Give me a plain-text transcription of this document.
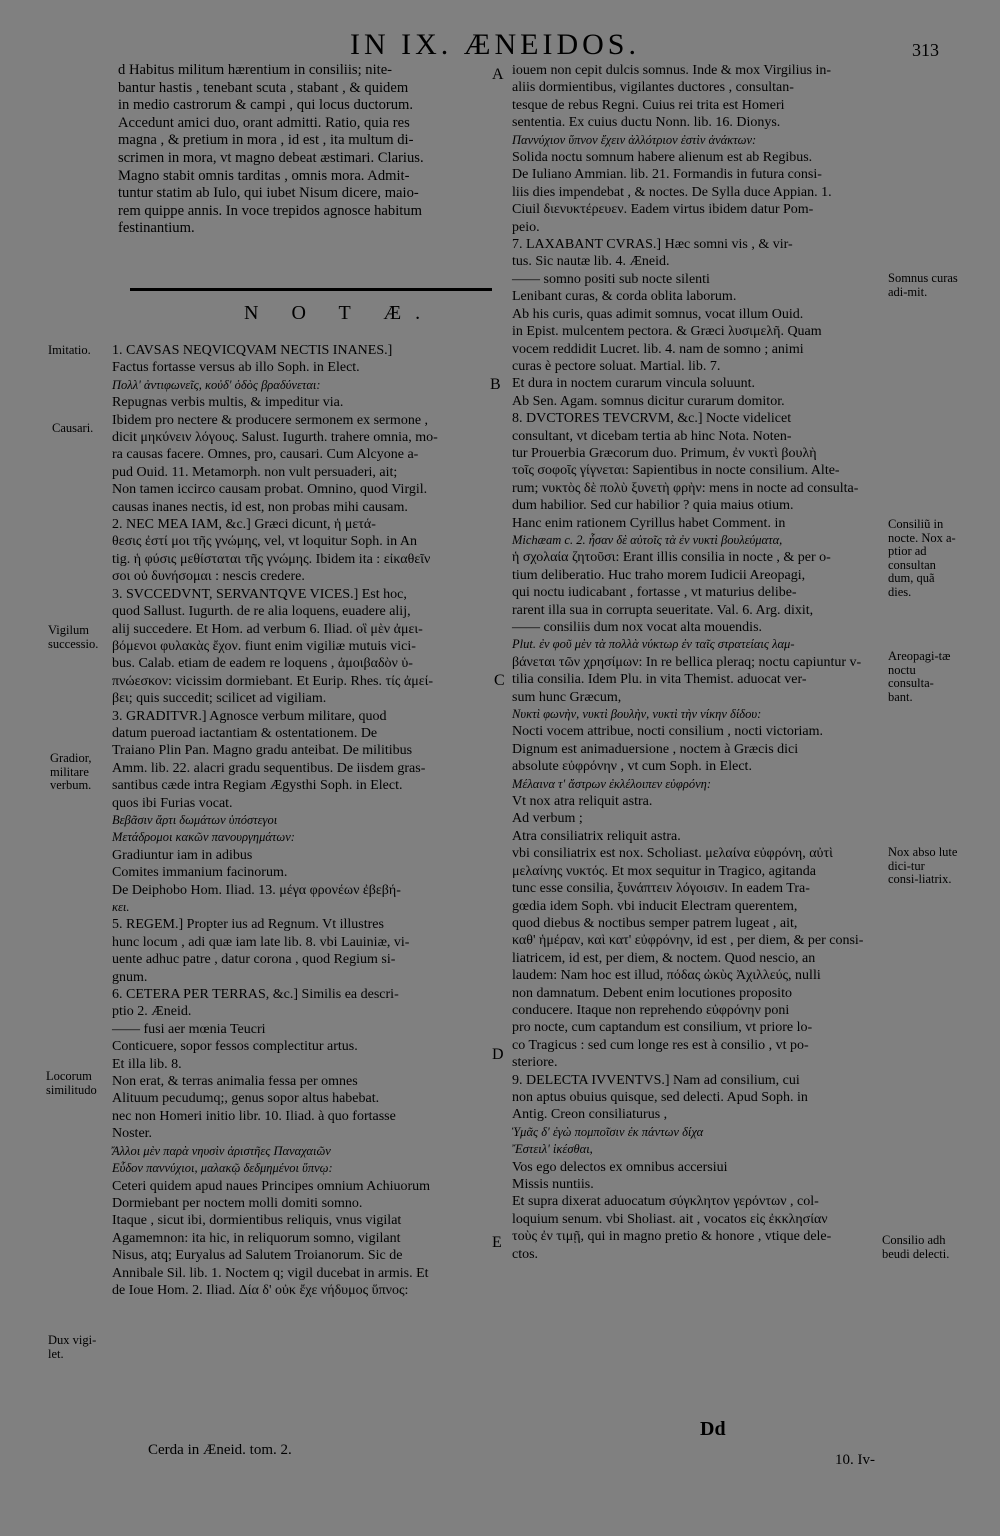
IN IX. ÆNEIDOS.	313
d Habitus militum hærentium in consiliis; nite-
bantur hastis , tenebant scuta , stabant , & quidem
in medio castrorum & campi , qui locus ductorum.
Accedunt amici duo, orant admitti. Ratio, quia res
magna , & pretium in mora , id est , ita multum di-
scrimen in mora, vt magno debeat æstimari. Clarius.
Magno stabit omnis tarditas , omnis mora. Admit-
tuntur statim ab Iulo, qui iubet Nisum dicere, maio-
rem quippe annis. In voce trepidos agnosce habitum
festinantium.
N O T Æ.
1. CAVSAS NEQVICQVAM NECTIS INANES.]
Factus fortasse versus ab illo Soph. in Elect.
Πολλ' ἀντιφωνεῖς, κοὐδ' ὁδὸς βραδύνεται:
Repugnas verbis multis, & impeditur via.
Ibidem pro nectere & producere sermonem ex sermone ,
dicit μηκύνειν λόγους. Salust. Iugurth. trahere omnia, mo-
ra causas facere. Omnes, pro, causari. Cum Alcyone a-
pud Ouid. 11. Metamorph. non vult persuaderi, ait;
Non tamen iccirco causam probat. Omnino, quod Virgil.
causas inanes nectis, id est, non probas mihi causam.
2. NEC MEA IAM, &c.] Græci dicunt, ἡ μετά-
θεσις ἐστί μοι τῆς γνώμης, vel, vt loquitur Soph. in An
tig. ἡ φύσις μεθίσταται τῆς γνώμης. Ibidem ita : εἰκαθεῖν
σοι οὐ δυνήσομαι : nescis credere.
3. SVCCEDVNT, SERVANTQVE VICES.] Est hoc,
quod Sallust. Iugurth. de re alia loquens, euadere alij,
alij succedere. Et Hom. ad verbum 6. Iliad. οἳ μὲν ἀμει-
βόμενοι φυλακὰς ἔχον. fiunt enim vigiliæ mutuis vici-
bus. Calab. etiam de eadem re loquens , ἀμοιβαδὸν ὑ-
πνώεσκον: vicissim dormiebant. Et Eurip. Rhes. τίς ἀμεί-
βει; quis succedit; scilicet ad vigiliam.
3. GRADITVR.] Agnosce verbum militare, quod
datum pueroad iactantiam & ostentationem. De
Traiano Plin Pan. Magno gradu anteibat. De militibus
Amm. lib. 22. alacri gradu sequentibus. De iisdem gras-
santibus cæde intra Regiam Ægysthi Soph. in Elect.
quos ibi Furias vocat.
Βεβᾶσιν ἄρτι δωμάτων ὑπόστεγοι
Μετάδρομοι κακῶν πανουργημάτων:
Gradiuntur iam in adibus
Comites immanium facinorum.
De Deiphobo Hom. Iliad. 13. μέγα φρονέων ἐβεβή-
κει.
5. REGEM.] Propter ius ad Regnum. Vt illustres
hunc locum , adi quæ iam late lib. 8. vbi Lauiniæ, vi-
uente adhuc patre , datur corona , quod Regium si-
gnum.
6. CETERA PER TERRAS, &c.] Similis ea descri-
ptio 2. Æneid.
—— fusi aer mœnia Teucri
Conticuere, sopor fessos complectitur artus.
Et illa lib. 8.
Non erat, & terras animalia fessa per omnes
Alituum pecudumq;, genus sopor altus habebat.
nec non Homeri initio libr. 10. Iliad. à quo fortasse
Noster.
Ἄλλοι μὲν παρὰ νηυσὶν ἀριστῆες Παναχαιῶν
Εὗδον παννύχιοι, μαλακῷ δεδμημένοι ὕπνῳ:
Ceteri quidem apud naues Principes omnium Achiuorum
Dormiebant per noctem molli domiti somno.
Itaque , sicut ibi, dormientibus reliquis, vnus vigilat
Agamemnon: ita hic, in reliquorum somno, vigilant
Nisus, atq; Euryalus ad Salutem Troianorum. Sic de
Annibale Sil. lib. 1. Noctem q; vigil ducebat in armis. Et
de Ioue Hom. 2. Iliad. Δία δ' οὐκ ἔχε νήδυμος ὕπνος:
iouem non cepit dulcis somnus. Inde & mox Virgilius in-
aliis dormientibus, vigilantes ductores , consultan-
tesque de rebus Regni. Cuius rei trita est Homeri
sententia. Ex cuius ductu Nonn. lib. 16. Dionys.
Παννύχιον ὕπνον ἔχειν ἀλλότριον ἐστὶν ἀνάκτων:
Solida noctu somnum habere alienum est ab Regibus.
De Iuliano Ammian. lib. 21. Formandis in futura consi-
liis dies impendebat , & noctes. De Sylla duce Appian. 1.
Ciuil διενυκτέρευεν. Eadem virtus ibidem datur Pom-
peio.
7. LAXABANT CVRAS.] Hæc somni vis , & vir-
tus. Sic nautæ lib. 4. Æneid.
—— somno positi sub nocte silenti
Lenibant curas, & corda oblita laborum.
Ab his curis, quas adimit somnus, vocat illum Ouid.
in Epist. mulcentem pectora. & Græci λυσιμελῆ. Quam
vocem reddidit Lucret. lib. 4. nam de somno ; animi
curas è pectore soluat. Martial. lib. 7.
Et dura in noctem curarum vincula soluunt.
Ab Sen. Agam. somnus dicitur curarum domitor.
8. DVCTORES TEVCRVM, &c.] Nocte videlicet
consultant, vt dicebam tertia ab hinc Nota. Noten-
tur Prouerbia Græcorum duo. Primum, ἐν νυκτὶ βουλὴ
τοῖς σοφοῖς γίγνεται: Sapientibus in nocte consilium. Alte-
rum; νυκτὸς δὲ πολὺ ξυνετὴ φρὴν: mens in nocte ad consulta-
dum habilior. Sed cur habilior ? quia maius otium.
Hanc enim rationem Cyrillus habet Comment. in
Michæam c. 2. ἦσαν δὲ αὐτοῖς τὰ ἐν νυκτὶ βουλεύματα,
ἡ σχολαία ζητοῦσι: Erant illis consilia in nocte , & per o-
tium deliberatio. Huc traho morem Iudicii Areopagi,
qui noctu iudicabant , fortasse , vt maturius delibe-
rarent illa sua in corrupta seueritate. Val. 6. Arg. dixit,
—— consiliis dum nox vocat alta mouendis.
Plut. ἐν φοῦ μὲν τὰ πολλὰ νύκτωρ ἐν ταῖς στρατείαις λαμ-
βάνεται τῶν χρησίμων: In re bellica pleraq; noctu capiuntur v-
tilia consilia. Idem Plu. in vita Themist. aduocat ver-
sum hunc Græcum,
Νυκτὶ φωνὴν, νυκτὶ βουλὴν, νυκτὶ τὴν νίκην δίδου:
Nocti vocem attribue, nocti consilium , nocti victoriam.
Dignum est animaduersione , noctem à Græcis dici
absolute εὐφρόνην , vt cum Soph. in Elect.
Μέλαινα τ' ἄστρων ἐκλέλοιπεν εὐφρόνη:
Vt nox atra reliquit astra.
Ad verbum ;
Atra consiliatrix reliquit astra.
vbi consiliatrix est nox. Scholiast. μελαίνα εὐφρόνη, αὐτὶ
μελαίνης νυκτός. Et mox sequitur in Tragico, agitanda
tunc esse consilia, ξυνάπτειν λόγοισιν. In eadem Tra-
gœdia idem Soph. vbi inducit Electram querentem,
quod diebus & noctibus semper patrem lugeat , ait,
καθ' ἡμέραν, καὶ κατ' εὐφρόνην, id est , per diem, & per consi-
liatricem, id est, per diem, & noctem. Quod nescio, an
laudem: Nam hoc est illud, πόδας ὠκὺς Ἀχιλλεύς, nulli
non damnatum. Debent enim locutiones proposito
conducere. Itaque non reprehendo εὐφρόνην poni
pro nocte, cum captandum est consilium, vt priore lo-
co Tragicus : sed cum longe res est à consilio , vt po-
steriore.
9. DELECTA IVVENTVS.] Nam ad consilium, cui
non aptus obuius quisque, sed delecti. Apud Soph. in
Antig. Creon consiliaturus ,
Ὑμᾶς δ' ἐγὼ πομποῖσιν ἐκ πάντων δίχα
Ἔστειλ' ἱκέσθαι,
Vos ego delectos ex omnibus accersiui
Missis nuntiis.
Et supra dixerat aduocatum σύγκλητον γερόντων , col-
loquium senum. vbi Sholiast. ait , vocatos εἰς ἐκκλησίαν
τοὺς ἐν τιμῇ, qui in magno pretio & honore , vtique dele-
ctos.
Imitatio.
Causari.
Vigilum successio.
Gradior, militare verbum.
Locorum similitudo
Dux vigi-let.
Somnus curas adi-mit.
Consiliũ in nocte. Nox a-ptior ad consultan dum, quã dies.
Areopagi-tæ noctu consulta-bant.
Nox abso lute dici-tur consi-liatrix.
Consilio adh beudi delecti.
A
B
C
D
E
Cerda in Æneid. tom. 2.
Dd
10. Iv-
